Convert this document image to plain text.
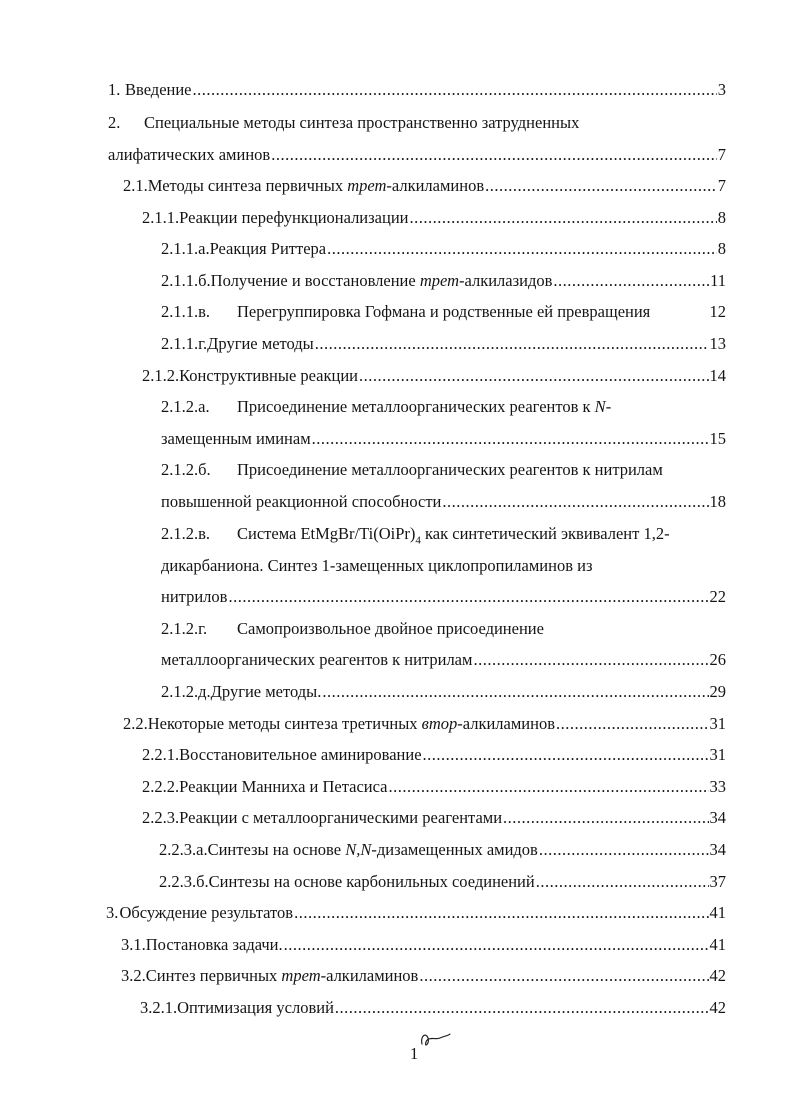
1. Введение .....	3
2.	Специальные методы синтеза пространственно затрудненных
алифатических аминов .....	7
2.1. Методы синтеза первичных трет-алкиламинов .....	7
2.1.1. Реакции перефункционализации .....	8
2.1.1.а. Реакция Риттера .....	8
2.1.1.б. Получение и восстановление трет-алкилазидов .....	11
2.1.1.в.	Перегруппировка Гофмана и родственные ей превращения	12
2.1.1.г. Другие методы .....	13
2.1.2. Конструктивные реакции .....	14
2.1.2.а.	Присоединение металлоорганических реагентов к N-
замещенным иминам .....	15
2.1.2.б.	Присоединение металлоорганических реагентов к нитрилам
повышенной реакционной способности .....	18
2.1.2.в.	Система EtMgBr/$Ti(OiPr)_4$ как синтетический эквивалент 1,2-
дикарбаниона. Синтез 1-замещенных циклопропиламинов из
нитрилов .....	22
2.1.2.г.	Самопроизвольное двойное присоединение
металлоорганических реагентов к нитрилам .....	26
2.1.2.д. Другие методы. .....	29
2.2. Некоторые методы синтеза третичных втор-алкиламинов .....	31
2.2.1. Восстановительное аминирование .....	31
2.2.2. Реакции Манниха и Петасиса .....	33
2.2.3. Реакции с металлоорганическими реагентами .....	34
2.2.3.а. Синтезы на основе N,N-дизамещенных амидов .....	34
2.2.3.б. Синтезы на основе карбонильных соединений .....	37
3. Обсуждение результатов .....	41
3.1. Постановка задачи. .....	41
3.2. Синтез первичных трет-алкиламинов .....	42
3.2.1. Оптимизация условий .....	42
1
